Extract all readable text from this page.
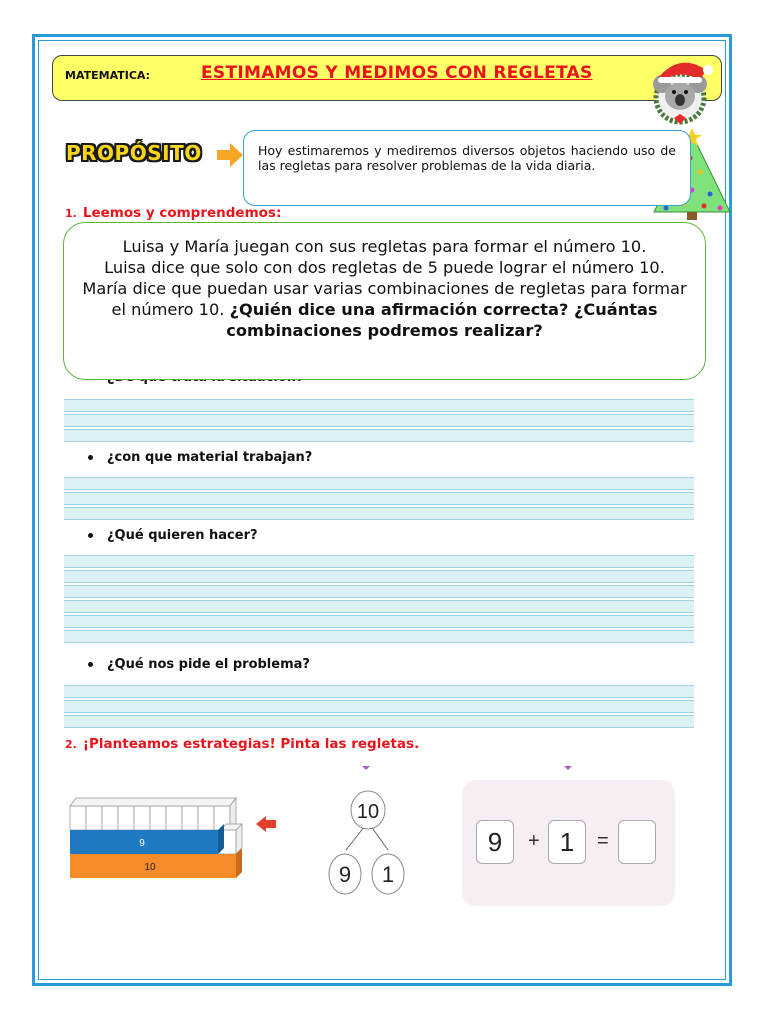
MATEMATICA:	ESTIMAMOS Y MEDIMOS CON REGLETAS
PROPÓSITO	Hoy estimaremos y mediremos diversos objetos haciendo uso de las regletas para resolver problemas de la vida diaria.
1. Leemos y comprendemos:
Luisa y María juegan con sus regletas para formar el número 10.
Luisa dice que solo con dos regletas de 5 puede lograr el número 10.
María dice que puedan usar varias combinaciones de regletas para formar el número 10. ¿Quién dice una afirmación correcta? ¿Cuántas combinaciones podremos realizar?
¿con que material trabajan?
¿Qué quieren hacer?
¿Qué nos pide el problema?
2. ¡Planteamos estrategias! Pinta las regletas.
9
10
10
9 1
9	+ 1	=
